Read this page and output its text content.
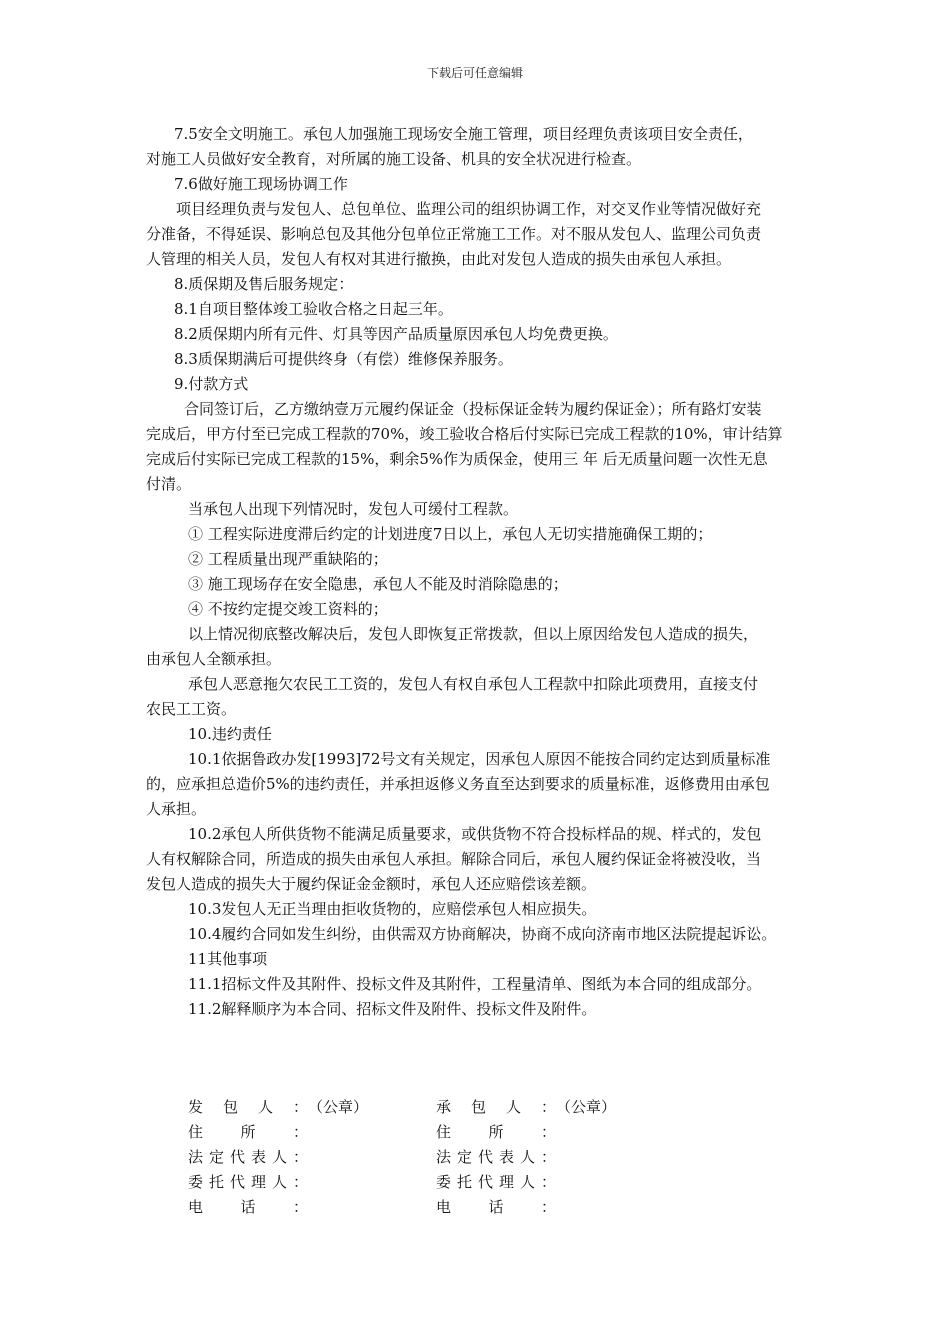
下载后可任意编辑

7.5安全文明施工。承包人加强施工现场安全施工管理，项目经理负责该项目安全责任，

对施工人员做好安全教育，对所属的施工设备、机具的安全状况进行检查。

7.6做好施工现场协调工作

项目经理负责与发包人、总包单位、监理公司的组织协调工作，对交叉作业等情况做好充

分准备，不得延误、影响总包及其他分包单位正常施工工作。对不服从发包人、监理公司负责

人管理的相关人员，发包人有权对其进行撤换，由此对发包人造成的损失由承包人承担。

8.质保期及售后服务规定：

8.1自项目整体竣工验收合格之日起三年。

8.2质保期内所有元件、灯具等因产品质量原因承包人均免费更换。

8.3质保期满后可提供终身（有偿）维修保养服务。

9.付款方式

合同签订后，乙方缴纳壹万元履约保证金（投标保证金转为履约保证金）；所有路灯安装

完成后，甲方付至已完成工程款的70%，竣工验收合格后付实际已完成工程款的10%，审计结算

完成后付实际已完成工程款的15%，剩余5%作为质保金，使用三 年 后无质量问题一次性无息

付清。

当承包人出现下列情况时，发包人可缓付工程款。

① 工程实际进度滞后约定的计划进度7日以上，承包人无切实措施确保工期的；

② 工程质量出现严重缺陷的；

③ 施工现场存在安全隐患，承包人不能及时消除隐患的；

④ 不按约定提交竣工资料的；

以上情况彻底整改解决后，发包人即恢复正常拨款，但以上原因给发包人造成的损失，

由承包人全额承担。

承包人恶意拖欠农民工工资的，发包人有权自承包人工程款中扣除此项费用，直接支付

农民工工资。

10.违约责任

10.1依据鲁政办发[1993]72号文有关规定，因承包人原因不能按合同约定达到质量标准

的，应承担总造价5%的违约责任，并承担返修义务直至达到要求的质量标准，返修费用由承包

人承担。

10.2承包人所供货物不能满足质量要求，或供货物不符合投标样品的规、样式的，发包

人有权解除合同，所造成的损失由承包人承担。解除合同后，承包人履约保证金将被没收，当

发包人造成的损失大于履约保证金金额时，承包人还应赔偿该差额。

10.3发包人无正当理由拒收货物的，应赔偿承包人相应损失。

10.4履约合同如发生纠纷，由供需双方协商解决，协商不成向济南市地区法院提起诉讼。

11其他事项

11.1招标文件及其附件、投标文件及其附件，工程量清单、图纸为本合同的组成部分。

11.2解释顺序为本合同、招标文件及附件、投标文件及附件。

发包人：（公章）	承包人：（公章）
住所：	住所：
法定代表人：	法定代表人：
委托代理人：	委托代理人：
电话：	电话：
